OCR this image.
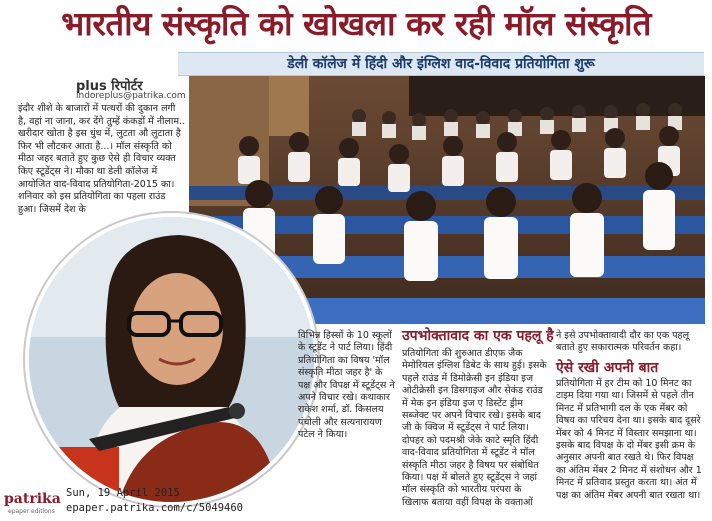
भारतीय संस्कृति को खोखला कर रही मॉल संस्कृति
डेली कॉलेज में हिंदी और इंग्लिश वाद-विवाद प्रतियोगिता शुरू
plus रिपोर्टर
indoreplus@patrika.com
इंदौर शीशे के बाजारों में पत्थरों की दुकान लगी है, वहां ना जाना, कर देंगे तुम्हें कंकड़ों में नीलाम.. खरीदार खोता है इस धुंध में, लुटता औ लुटाता है फिर भी लौटकर आता है...। मॉल संस्कृति को मीठा जहर बताते हुए कुछ ऐसे ही विचार व्यक्त किए स्टूडेंट्स ने। मौका था डेली कॉलेज में आयोजित वाद-विवाद प्रतियोगिता-2015 का। शनिवार को इस प्रतियोगिता का पहला राउंड हुआ। जिसमें देश के
विभिन्न हिस्सों के 10 स्कूलों के स्टूडेंट ने पार्ट लिया। हिंदी प्रतियोगिता का विषय 'मॉल संस्कृति मीठा जहर है' के पक्ष और विपक्ष में स्टूडेंट्स ने अपने विचार रखे। कथाकार राकेश शर्मा, डॉ. किसलय पंचोली और सत्यनारायण पटेल ने किया।
उपभोक्तावाद का एक पहलू है
प्रतियोगिता की शुरुआत डीएफ जैक मेमोरियल इंग्लिश डिबेट के साथ हुई। इसके पहले राउंड में डिमोक्रेसी इन इंडिया इज ओटीक्रेसी इन डिसगाइज और सेकंड राउंड में मेक इन इंडिया इज ए डिस्टेंट ड्रीम सब्जेक्ट पर अपने विचार रखे। इसके बाद जी के क्विज में स्टूडेंट्स ने पार्ट लिया। दोपहर को पदमश्री जेके काटे स्मृति हिंदी वाद-विवाद प्रतियोगिता में स्टूडेंट ने मॉल संस्कृति मीठा जहर है विषय पर संबोधित किया। पक्ष में बोलते हुए स्टूडेंट्स ने जहां मॉल संस्कृति को भारतीय परंपरा के खिलाफ बताया वहीं विपक्ष के वक्ताओं
ने इसे उपभोक्तावादी दौर का एक पहलू बताते हुए सकारात्मक परिवर्तन कहा।
ऐसे रखी अपनी बात
प्रतियोगिता में हर टीम को 10 मिनट का टाइम दिया गया था। जिसमें से पहले तीन मिनट में प्रतिभागी दल के एक मेंबर को विषय का परिचय देना था। इसके बाद दूसरे मेंबर को 4 मिनट में विस्तार समझाना था। इसके बाद विपक्ष के दो मेंबर इसी क्रम के अनुसार अपनी बात रखते थे। फिर विपक्ष का अंतिम मेंबर 2 मिनट में संशोधन और 1 मिनट में प्रतिवाद प्रस्तुत करता था। अंत में पक्ष का अंतिम मेंबर अपनी बात रखता था।
patrika
epaper editions
Sun, 19 April 2015
epaper.patrika.com/c/5049460
